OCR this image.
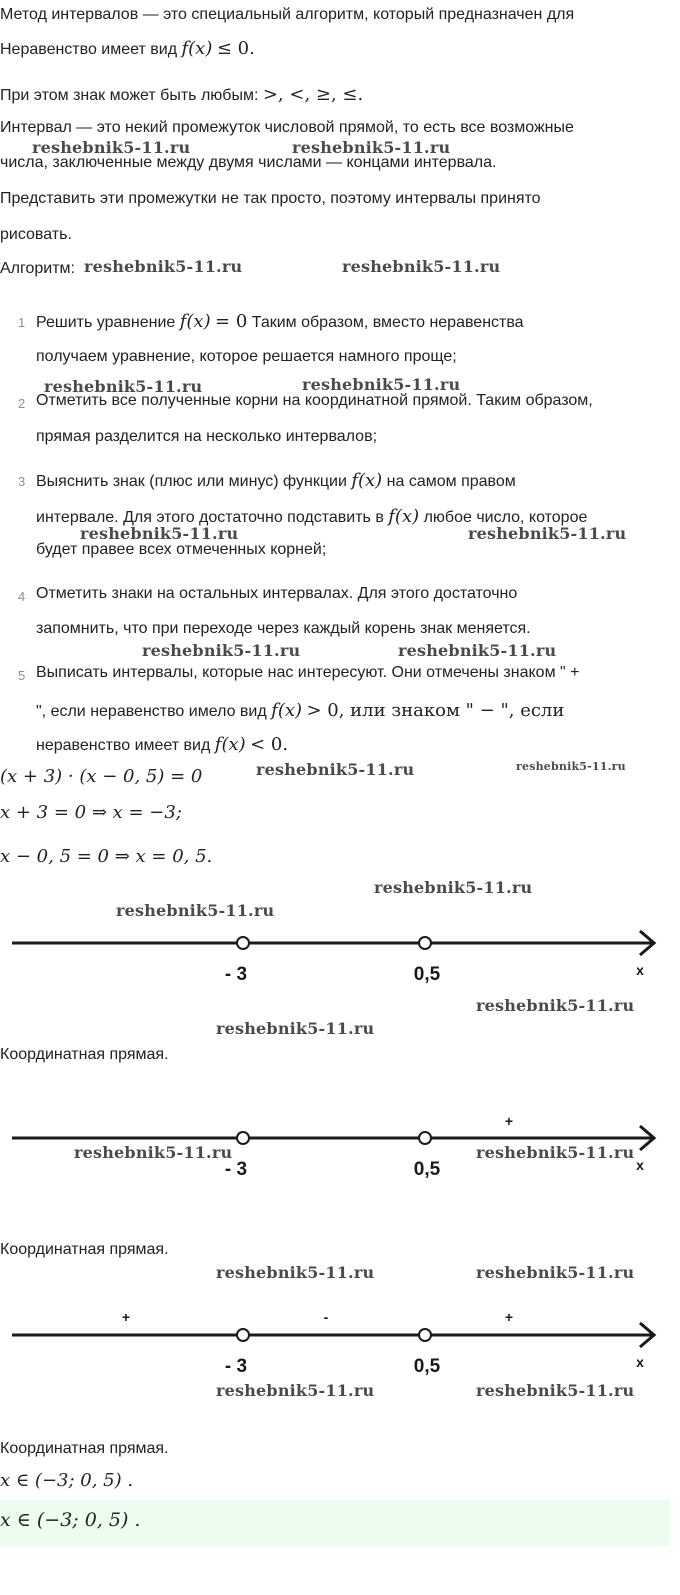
Метод интервалов — это специальный алгоритм, который предназначен для
Неравенство имеет вид f(x) ≤ 0.
При этом знак может быть любым: >, <, ≥, ≤.
Интервал — это некий промежуток числовой прямой, то есть все возможные
числа, заключенные между двумя числами — концами интервала.
Представить эти промежутки не так просто, поэтому интервалы принято
рисовать.
Алгоритм:
1 Решить уравнение f(x) = 0 Таким образом, вместо неравенства
получаем уравнение, которое решается намного проще;
2 Отметить все полученные корни на координатной прямой. Таким образом,
прямая разделится на несколько интервалов;
3 Выяснить знак (плюс или минус) функции f(x) на самом правом
интервале. Для этого достаточно подставить в f(x) любое число, которое
будет правее всех отмеченных корней;
4 Отметить знаки на остальных интервалах. Для этого достаточно
запомнить, что при переходе через каждый корень знак меняется.
5 Выписать интервалы, которые нас интересуют. Они отмечены знаком " +
", если неравенство имело вид f(x) > 0, или знаком " − ", если
неравенство имеет вид f(x) < 0.
(x + 3) · (x − 0, 5) = 0
x + 3 = 0 ⇒ x = −3;
x − 0, 5 = 0 ⇒ x = 0, 5.
- 3	0,5	x
Координатная прямая.
+
- 3	0,5	x
Координатная прямая.
+	-	+
- 3	0,5	x
Координатная прямая.
x ∈ (−3; 0, 5) .
x ∈ (−3; 0, 5) .
reshebnik5-11.ru	reshebnik5-11.ru
reshebnik5-11.ru	reshebnik5-11.ru
reshebnik5-11.ru	reshebnik5-11.ru
reshebnik5-11.ru	reshebnik5-11.ru
reshebnik5-11.ru	reshebnik5-11.ru
reshebnik5-11.ru	reshebnik5-11.ru
reshebnik5-11.ru
reshebnik5-11.ru
reshebnik5-11.ru
reshebnik5-11.ru
reshebnik5-11.ru	reshebnik5-11.ru
reshebnik5-11.ru	reshebnik5-11.ru
reshebnik5-11.ru	reshebnik5-11.ru
